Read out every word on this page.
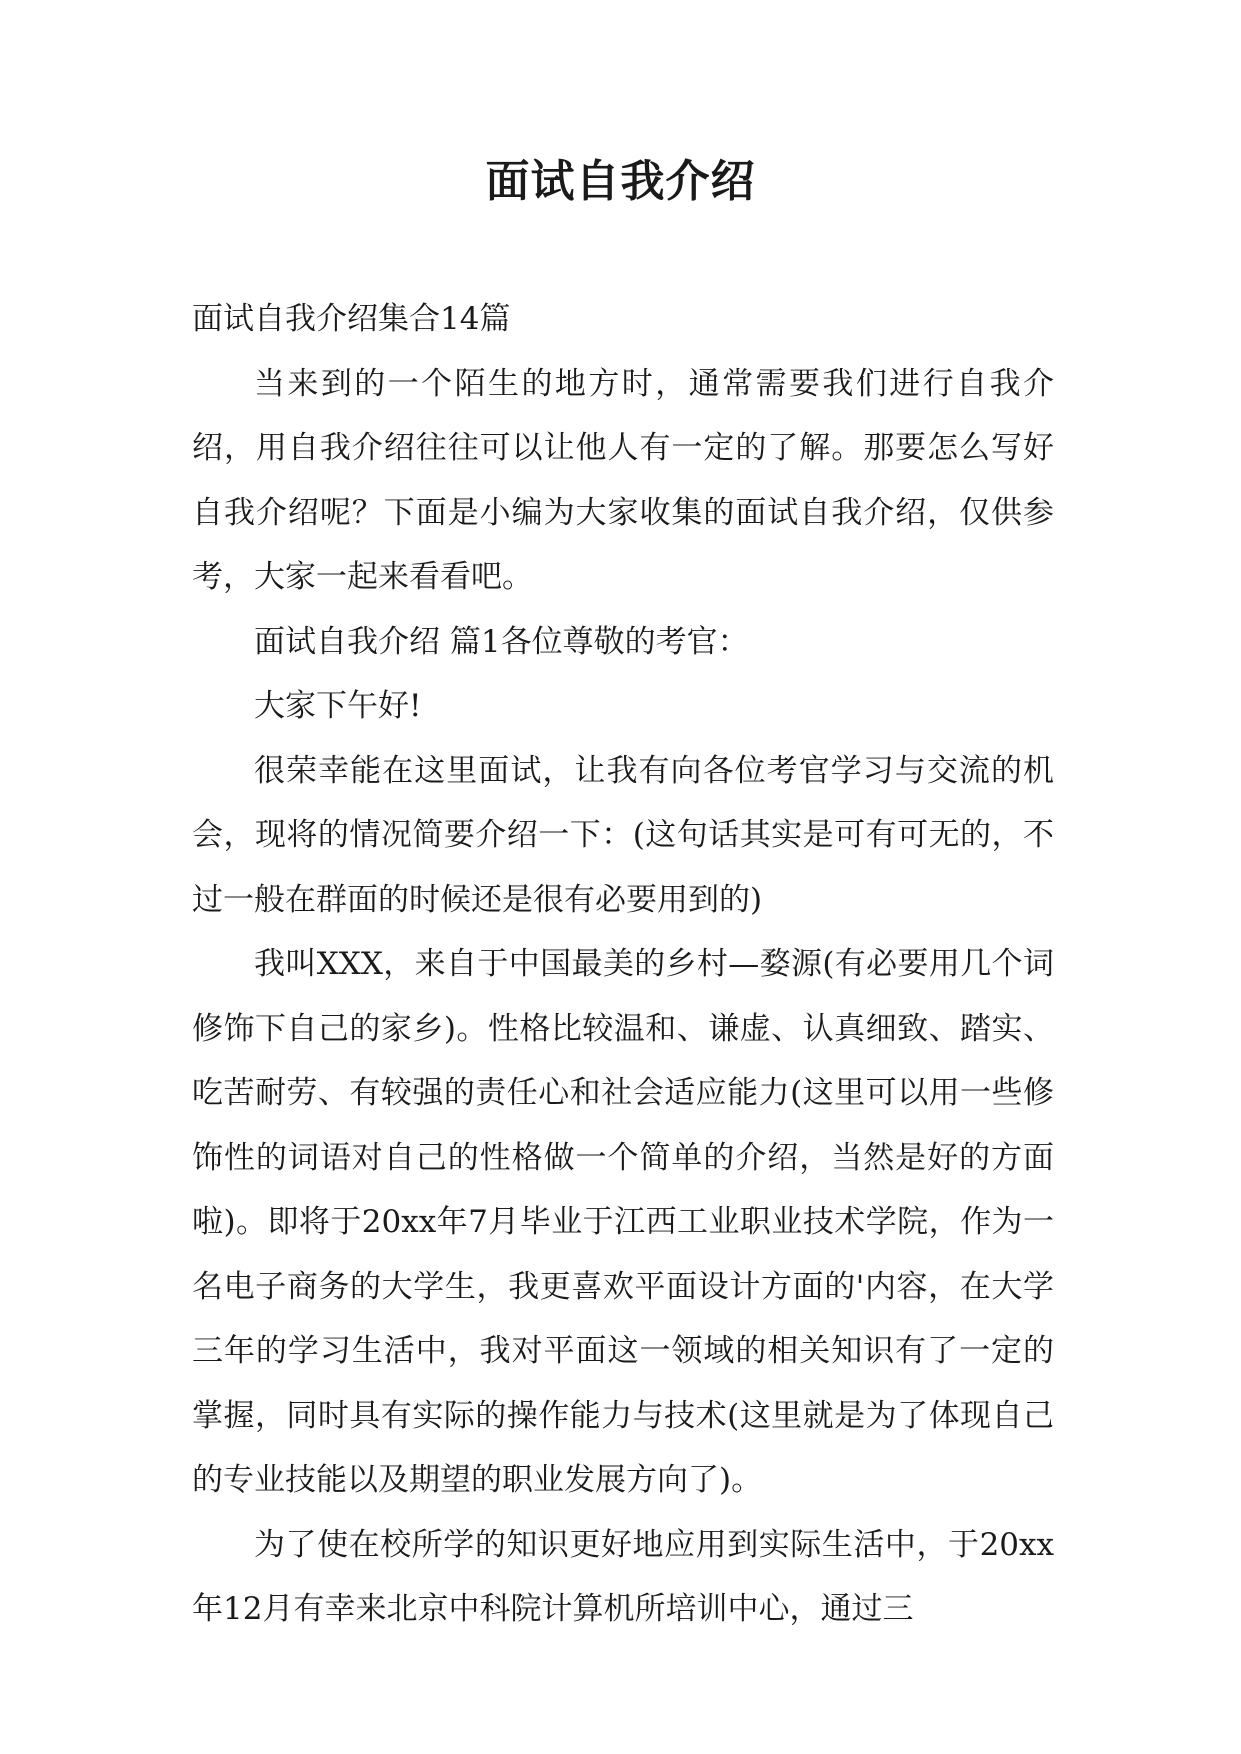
面试自我介绍

面试自我介绍集合14篇

当来到的一个陌生的地方时，通常需要我们进行自我介绍，用自我介绍往往可以让他人有一定的了解。那要怎么写好自我介绍呢？下面是小编为大家收集的面试自我介绍，仅供参考，大家一起来看看吧。

面试自我介绍 篇1各位尊敬的考官：

大家下午好!

很荣幸能在这里面试，让我有向各位考官学习与交流的机会，现将的情况简要介绍一下：(这句话其实是可有可无的，不过一般在群面的时候还是很有必要用到的)

我叫XXX，来自于中国最美的乡村—婺源(有必要用几个词修饰下自己的家乡)。性格比较温和、谦虚、认真细致、踏实、吃苦耐劳、有较强的责任心和社会适应能力(这里可以用一些修饰性的词语对自己的性格做一个简单的介绍，当然是好的方面啦)。即将于20xx年7月毕业于江西工业职业技术学院，作为一名电子商务的大学生，我更喜欢平面设计方面的'内容，在大学三年的学习生活中，我对平面这一领域的相关知识有了一定的掌握，同时具有实际的操作能力与技术(这里就是为了体现自己的专业技能以及期望的职业发展方向了)。

为了使在校所学的知识更好地应用到实际生活中，于20xx年12月有幸来北京中科院计算机所培训中心，通过三
